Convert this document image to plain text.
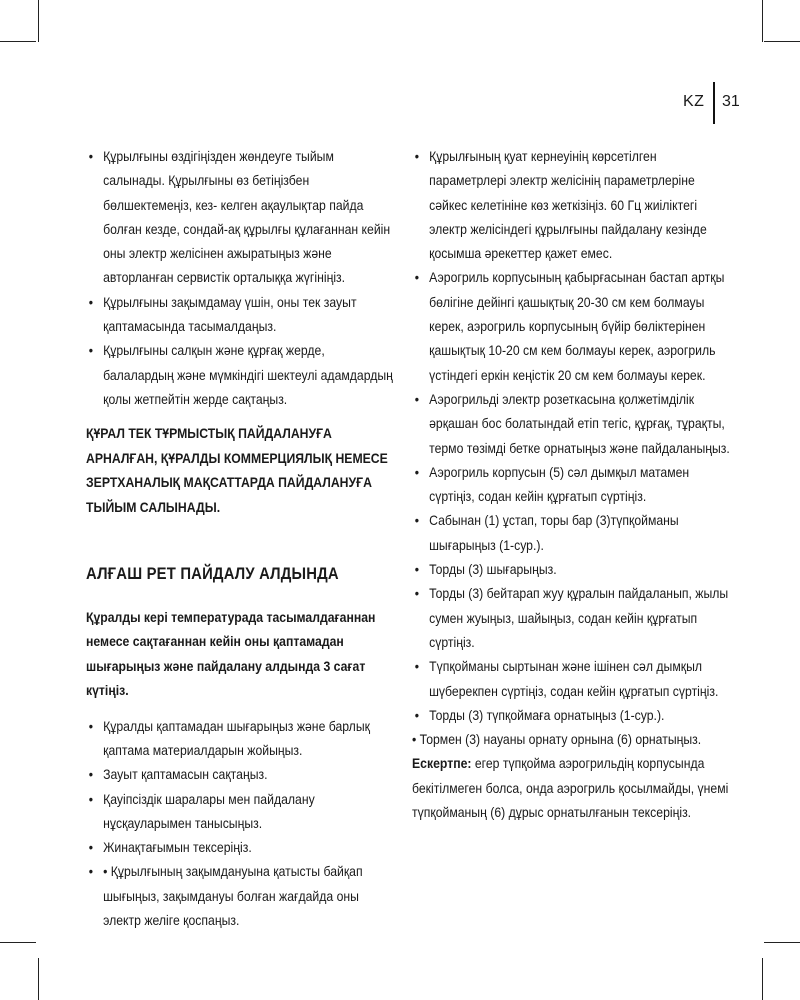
KZ 31

• Құрылғыны өздігіңізден жөндеуге тыйым салынады. Құрылғыны өз бетіңізбен бөлшектемеңіз, кез- келген ақаулықтар пайда болған кезде, сондай-ақ құрылғы құлағаннан кейін оны электр желісінен ажыратыңыз және авторланған сервистік орталыққа жүгініңіз.

• Құрылғыны зақымдамау үшін, оны тек зауыт қаптамасында тасымалдаңыз.

• Құрылғыны салқын және құрғақ жерде, балалардың және мүмкіндігі шектеулі адамдардың қолы жетпейтін жерде сақтаңыз.

ҚҰРАЛ ТЕК ТҰРМЫСТЫҚ ПАЙДАЛАНУҒА АРНАЛҒАН, ҚҰРАЛДЫ КОММЕРЦИЯЛЫҚ НЕМЕСЕ ЗЕРТХАНАЛЫҚ МАҚСАТТАРДА ПАЙДАЛАНУҒА ТЫЙЫМ САЛЫНАДЫ.

АЛҒАШ РЕТ ПАЙДАЛУ АЛДЫНДА

Құралды кері температурада тасымалдағаннан немесе сақтағаннан кейін оны қаптамадан шығарыңыз және пайдалану алдында 3 сағат күтіңіз.

• Құралды қаптамадан шығарыңыз және барлық қаптама материалдарын жойыңыз.

• Зауыт қаптамасын сақтаңыз.

• Қауіпсіздік шаралары мен пайдалану нұсқауларымен танысыңыз.

• Жинақтағымын тексеріңіз.

• • Құрылғының зақымдануына қатысты байқап шығыңыз, зақымдануы болған жағдайда оны электр желіге қоспаңыз.

• Құрылғының қуат кернеуінің көрсетілген параметрлері электр желісінің параметрлеріне сәйкес келетініне көз жеткізіңіз. 60 Гц жиіліктегі электр желісіндегі құрылғыны пайдалану кезінде қосымша әрекеттер қажет емес.

• Аэрогриль корпусының қабырғасынан бастап артқы бөлігіне дейінгі қашықтық 20-30 см кем болмауы керек, аэрогриль корпусының бүйір бөліктерінен қашықтық 10-20 см кем болмауы керек, аэрогриль үстіндегі еркін кеңістік 20 см кем болмауы керек.

• Аэрогрильді электр розеткасына қолжетімділік әрқашан бос болатындай етіп тегіс, құрғақ, тұрақты, термо төзімді бетке орнатыңыз және пайдаланыңыз.

• Аэрогриль корпусын (5) сәл дымқыл матамен сүртіңіз, содан кейін құрғатып сүртіңіз.

• Сабынан (1) ұстап, торы бар (3)түпқойманы шығарыңыз (1-сур.).

• Торды (3) шығарыңыз.

• Торды (3) бейтарап жуу құралын пайдаланып, жылы сумен жуыңыз, шайыңыз, содан кейін құрғатып сүртіңіз.

• Түпқойманы сыртынан және ішінен сәл дымқыл шүберекпен сүртіңіз, содан кейін құрғатып сүртіңіз.

• Торды (3) түпқоймаға орнатыңыз (1-сур.).

• Тормен (3) науаны орнату орнына (6) орнатыңыз.

Ескертпе: егер түпқойма аэрогрильдің корпусында бекітілмеген болса, онда аэрогриль қосылмайды, үнемі түпқойманың (6) дұрыс орнатылғанын тексеріңіз.
